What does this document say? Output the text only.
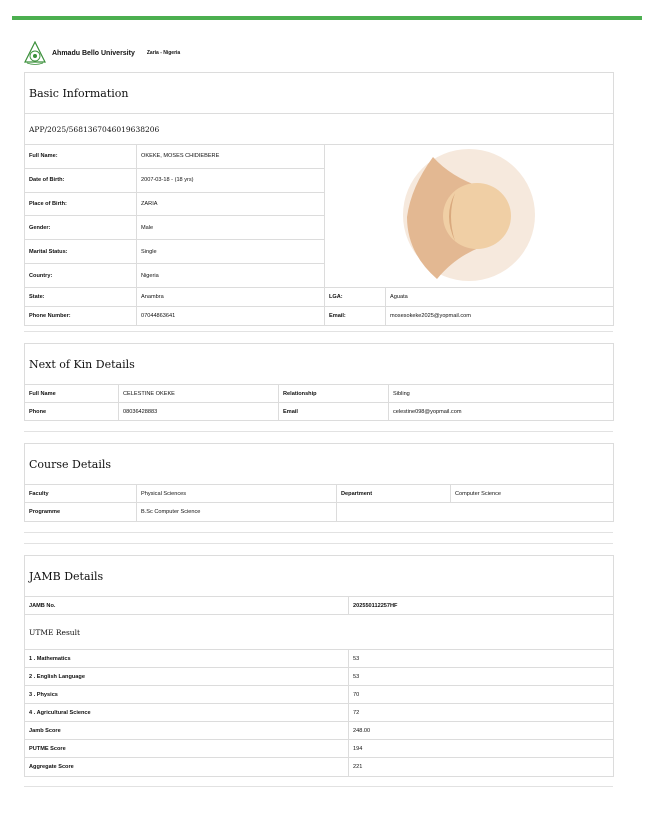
Ahmadu Bello University Zaria - Nigeria
Basic Information			
APP/2025/5681367046019638206			
Full Name:	OKEKE, MOSES CHIDIEBERE	
Date of Birth:	2007-03-18 - (18 yrs)		
Place of Birth:	ZARIA		
Gender:	Male		
Marital Status:	Single		
Country:	Nigeria		
State:	Anambra	LGA:	Aguata
Phone Number:	07044863641	Email:	mosesokeke2025@yopmail.com
Next of Kin Details			
Full Name	CELESTINE OKEKE	Relationship	Sibling
Phone	08036428883	Email	celestine098@yopmail.com
Course Details			
Faculty	Physical Sciences	Department	Computer Science
Programme	B.Sc Computer Science		
JAMB Details	
JAMB No.	202550112257HF
UTME Result	
1 . Mathematics	53
2 . English Language	53
3 . Physics	70
4 . Agricultural Science	72
Jamb Score	248.00
PUTME Score	194
Aggregate Score	221
